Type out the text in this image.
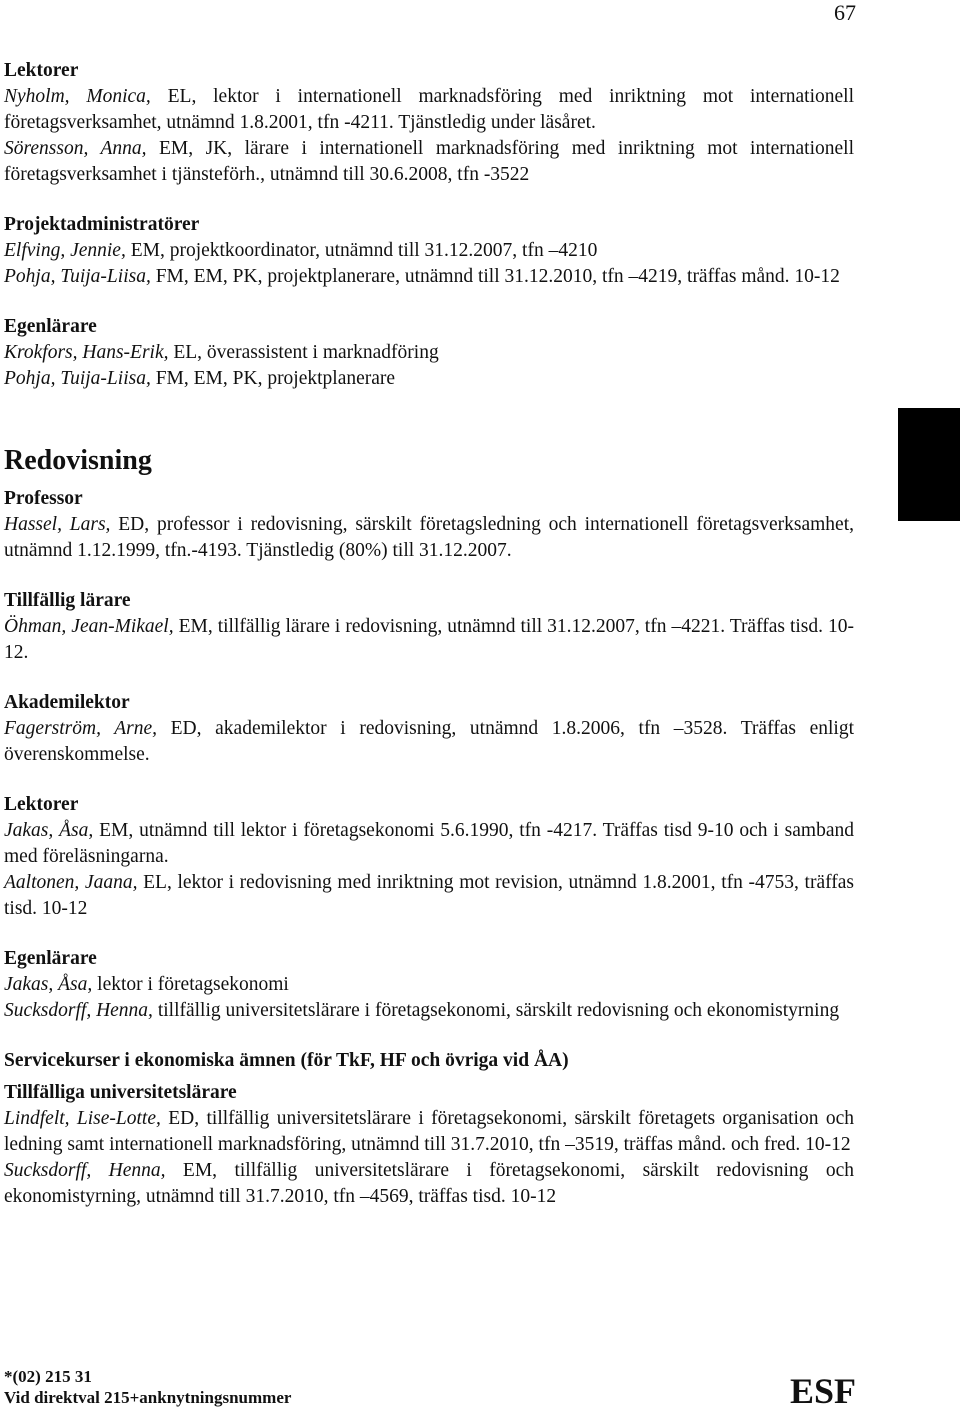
67
Lektorer

Nyholm, Monica, EL, lektor i internationell marknadsföring med inriktning mot internationell företagsverksamhet, utnämnd 1.8.2001, tfn -4211. Tjänstledig under läsåret.

Sörensson, Anna, EM, JK, lärare i internationell marknadsföring med inriktning mot internationell företagsverksamhet i tjänsteförh., utnämnd till 30.6.2008, tfn -3522

Projektadministratörer

Elfving, Jennie, EM, projektkoordinator, utnämnd till 31.12.2007, tfn –4210

Pohja, Tuija-Liisa, FM, EM, PK, projektplanerare, utnämnd till 31.12.2010, tfn –4219, träffas månd. 10-12

Egenlärare

Krokfors, Hans-Erik, EL, överassistent i marknadföring

Pohja, Tuija-Liisa, FM, EM, PK, projektplanerare

Redovisning
Professor

Hassel, Lars, ED, professor i redovisning, särskilt företagsledning och internationell företagsverksamhet, utnämnd 1.12.1999, tfn.-4193. Tjänstledig (80%) till 31.12.2007.

Tillfällig lärare

Öhman, Jean-Mikael, EM, tillfällig lärare i redovisning, utnämnd till 31.12.2007, tfn –4221. Träffas tisd. 10-12.

Akademilektor

Fagerström, Arne, ED, akademilektor i redovisning, utnämnd 1.8.2006, tfn –3528. Träffas enligt överenskommelse.

Lektorer

Jakas, Åsa, EM, utnämnd till lektor i företagsekonomi 5.6.1990, tfn -4217. Träffas tisd 9-10 och i samband med föreläsningarna.

Aaltonen, Jaana, EL, lektor i redovisning med inriktning mot revision, utnämnd 1.8.2001, tfn -4753, träffas tisd. 10-12

Egenlärare

Jakas, Åsa, lektor i företagsekonomi

Sucksdorff, Henna, tillfällig universitetslärare i företagsekonomi, särskilt redovisning och ekonomistyrning

Servicekurser i ekonomiska ämnen (för TkF, HF och övriga vid ÅA)
Tillfälliga universitetslärare

Lindfelt, Lise-Lotte, ED, tillfällig universitetslärare i företagsekonomi, särskilt företagets organisation och ledning samt internationell marknadsföring, utnämnd till 31.7.2010, tfn –3519, träffas månd. och fred. 10-12

Sucksdorff, Henna, EM, tillfällig universitetslärare i företagsekonomi, särskilt redovisning och ekonomistyrning, utnämnd till 31.7.2010, tfn –4569, träffas tisd. 10-12

*(02) 215 31
Vid direktval 215+anknytningsnummer	ESF
